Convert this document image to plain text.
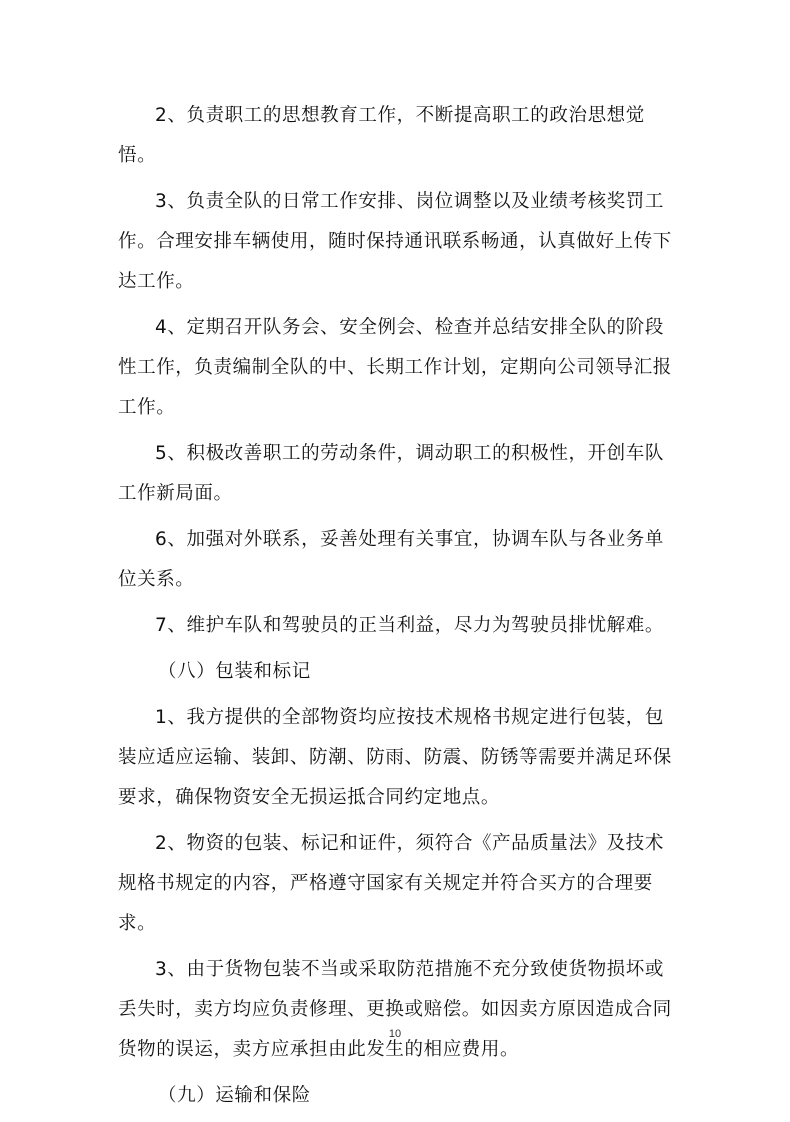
2、负责职工的思想教育工作，不断提高职工的政治思想觉悟。

3、负责全队的日常工作安排、岗位调整以及业绩考核奖罚工作。合理安排车辆使用，随时保持通讯联系畅通，认真做好上传下达工作。

4、定期召开队务会、安全例会、检查并总结安排全队的阶段性工作，负责编制全队的中、长期工作计划，定期向公司领导汇报工作。

5、积极改善职工的劳动条件，调动职工的积极性，开创车队工作新局面。

6、加强对外联系，妥善处理有关事宜，协调车队与各业务单位关系。

7、维护车队和驾驶员的正当利益，尽力为驾驶员排忧解难。

（八）包装和标记

1、我方提供的全部物资均应按技术规格书规定进行包装，包装应适应运输、装卸、防潮、防雨、防震、防锈等需要并满足环保要求，确保物资安全无损运抵合同约定地点。

2、物资的包装、标记和证件，须符合《产品质量法》及技术规格书规定的内容，严格遵守国家有关规定并符合买方的合理要求。

3、由于货物包装不当或采取防范措施不充分致使货物损坏或丢失时，卖方均应负责修理、更换或赔偿。如因卖方原因造成合同货物的误运，卖方应承担由此发生的相应费用。

（九）运输和保险

10
